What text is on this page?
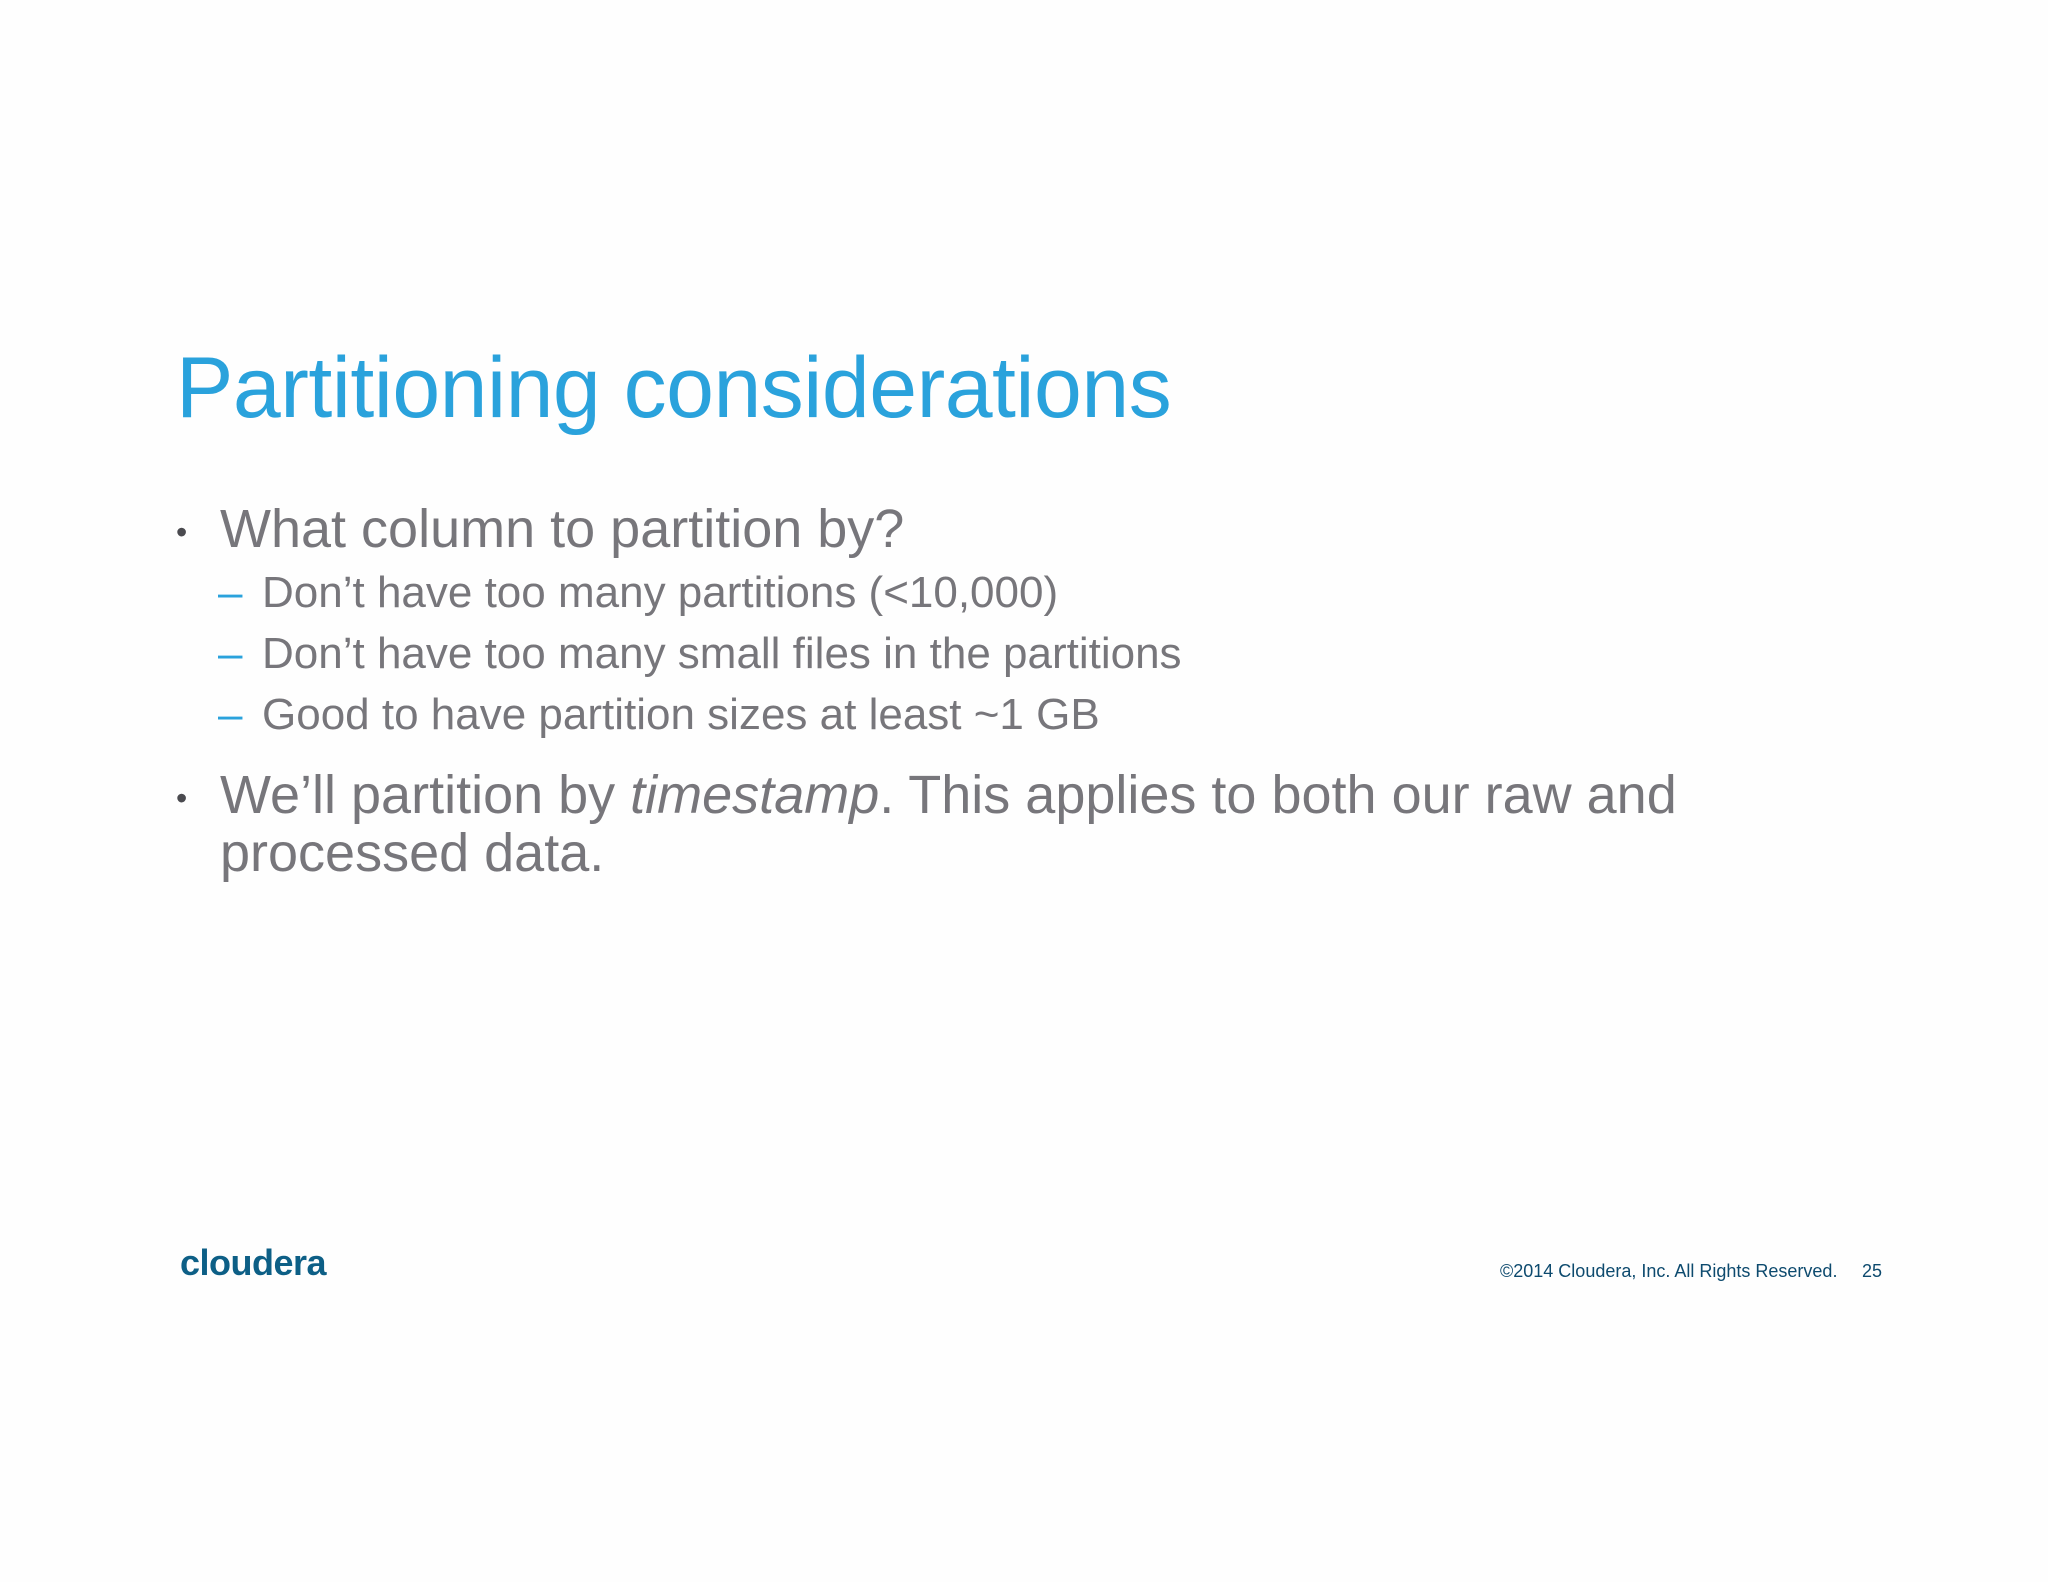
Partitioning considerations
• What column to partition by?
– Don’t have too many partitions (<10,000)
– Don’t have too many small files in the partitions
– Good to have partition sizes at least ~1 GB
• We’ll partition by timestamp. This applies to both our raw and
processed data.
cloudera	©2014 Cloudera, Inc. All Rights Reserved. 25
